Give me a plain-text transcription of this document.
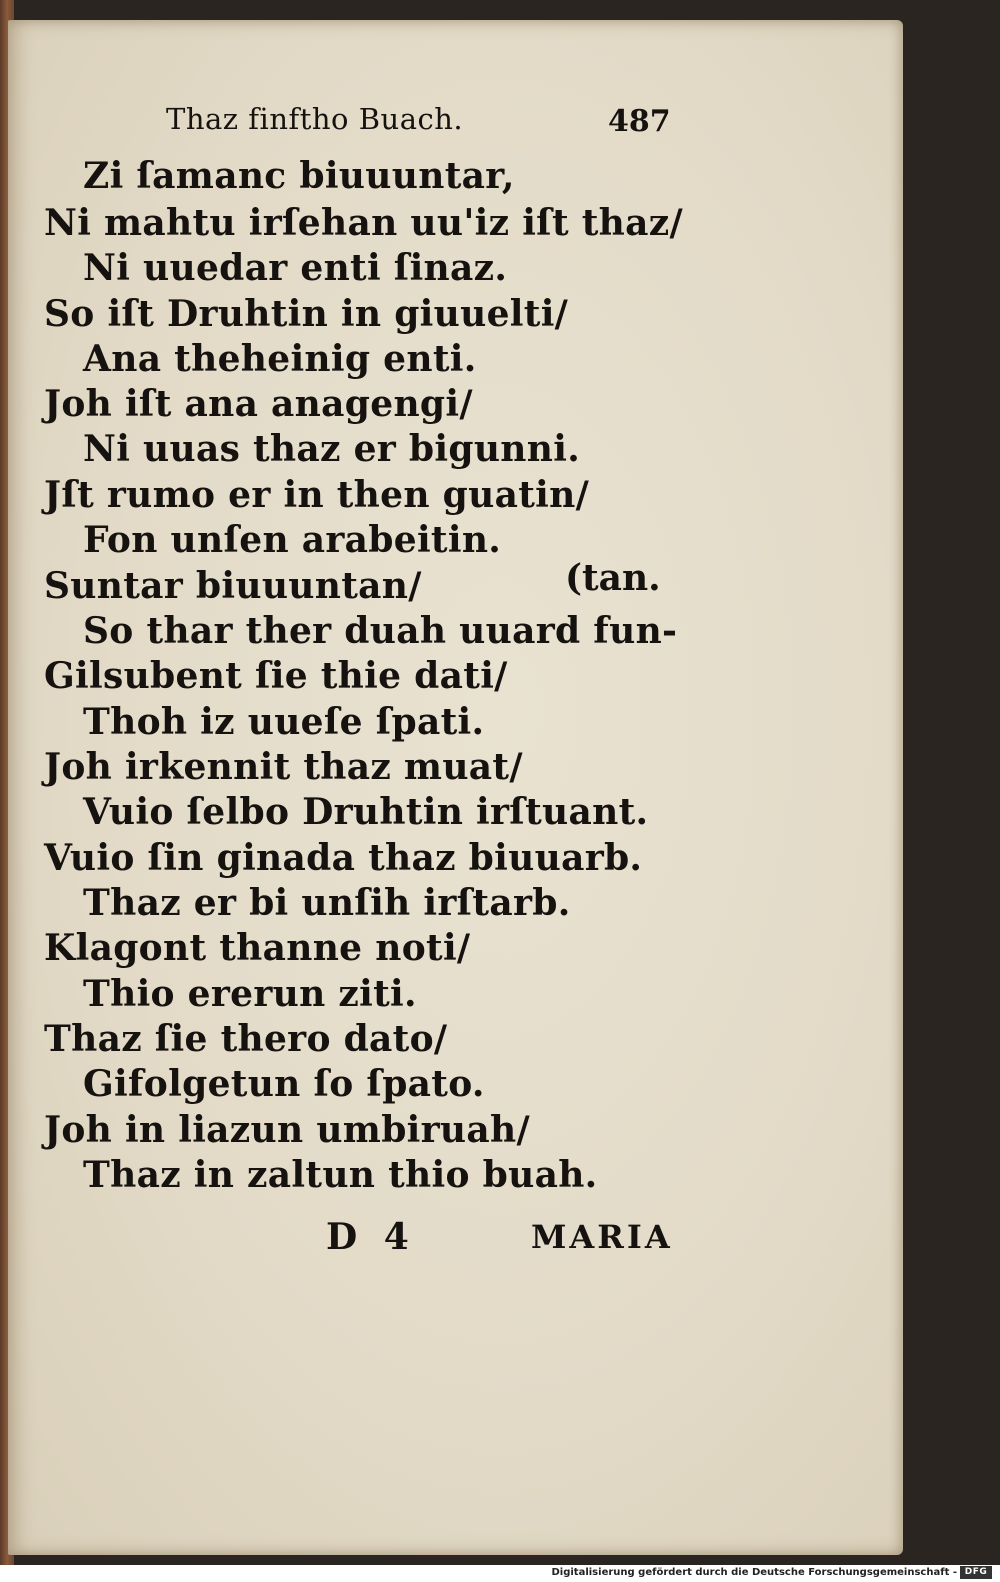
Thaz finftho Buach.	487
Zi ſamanc biuuuntar,
Ni mahtu irſehan uu'iz iſt thaz/
Ni uuedar enti ſinaz.
So iſt Druhtin in giuuelti/
Ana theheinig enti.
Joh iſt ana anagengi/
Ni uuas thaz er bigunni.
Jſt rumo er in then guatin/
Fon unſen arabeitin.
Suntar biuuuntan/	(tan.
So thar ther duah uuard fun-
Gilsubent ſie thie dati/
Thoh iz uueſe ſpati.
Joh irkennit thaz muat/
Vuio ſelbo Druhtin irſtuant.
Vuio ſin ginada thaz biuuarb.
Thaz er bi unſih irſtarb.
Klagont thanne noti/
Thio ererun ziti.
Thaz ſie thero dato/
Gifolgetun ſo ſpato.
Joh in liazun umbiruah/
Thaz in zaltun thio buah.
D 4	MARIA
Digitalisierung gefördert durch die Deutsche Forschungsgemeinschaft - DFG
